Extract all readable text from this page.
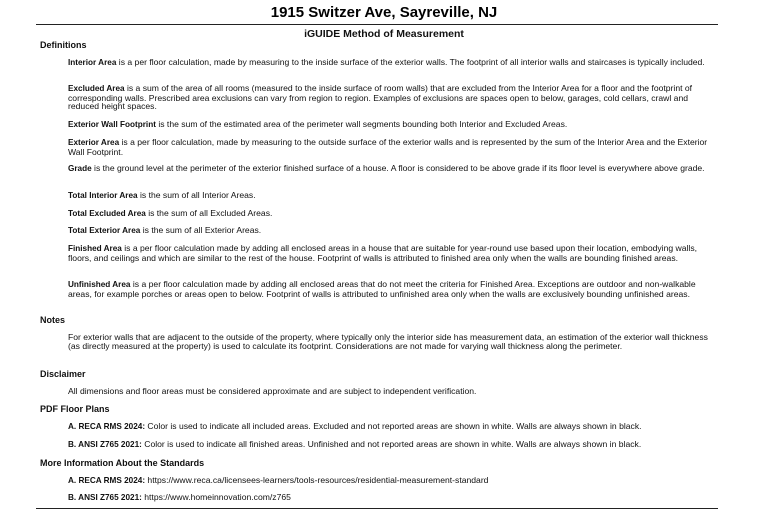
1915 Switzer Ave, Sayreville, NJ
iGUIDE Method of Measurement
Definitions
Interior Area is a per floor calculation, made by measuring to the inside surface of the exterior walls. The footprint of all interior walls and staircases is typically included.
Excluded Area is a sum of the area of all rooms (measured to the inside surface of room walls) that are excluded from the Interior Area for a floor and the footprint of corresponding walls. Prescribed area exclusions can vary from region to region. Examples of exclusions are spaces open to below, garages, cold cellars, crawl and reduced height spaces.
Exterior Wall Footprint is the sum of the estimated area of the perimeter wall segments bounding both Interior and Excluded Areas.
Exterior Area is a per floor calculation, made by measuring to the outside surface of the exterior walls and is represented by the sum of the Interior Area and the Exterior Wall Footprint.
Grade is the ground level at the perimeter of the exterior finished surface of a house. A floor is considered to be above grade if its floor level is everywhere above grade.
Total Interior Area is the sum of all Interior Areas.
Total Excluded Area is the sum of all Excluded Areas.
Total Exterior Area is the sum of all Exterior Areas.
Finished Area is a per floor calculation made by adding all enclosed areas in a house that are suitable for year-round use based upon their location, embodying walls, floors, and ceilings and which are similar to the rest of the house. Footprint of walls is attributed to finished area only when the walls are bounding finished areas.
Unfinished Area is a per floor calculation made by adding all enclosed areas that do not meet the criteria for Finished Area. Exceptions are outdoor and non-walkable areas, for example porches or areas open to below. Footprint of walls is attributed to unfinished area only when the walls are exclusively bounding unfinished areas.
Notes
For exterior walls that are adjacent to the outside of the property, where typically only the interior side has measurement data, an estimation of the exterior wall thickness (as directly measured at the property) is used to calculate its footprint. Considerations are not made for varying wall thickness along the perimeter.
Disclaimer
All dimensions and floor areas must be considered approximate and are subject to independent verification.
PDF Floor Plans
A. RECA RMS 2024: Color is used to indicate all included areas. Excluded and not reported areas are shown in white. Walls are always shown in black.
B. ANSI Z765 2021: Color is used to indicate all finished areas. Unfinished and not reported areas are shown in white. Walls are always shown in black.
More Information About the Standards
A. RECA RMS 2024: https://www.reca.ca/licensees-learners/tools-resources/residential-measurement-standard
B. ANSI Z765 2021: https://www.homeinnovation.com/z765
